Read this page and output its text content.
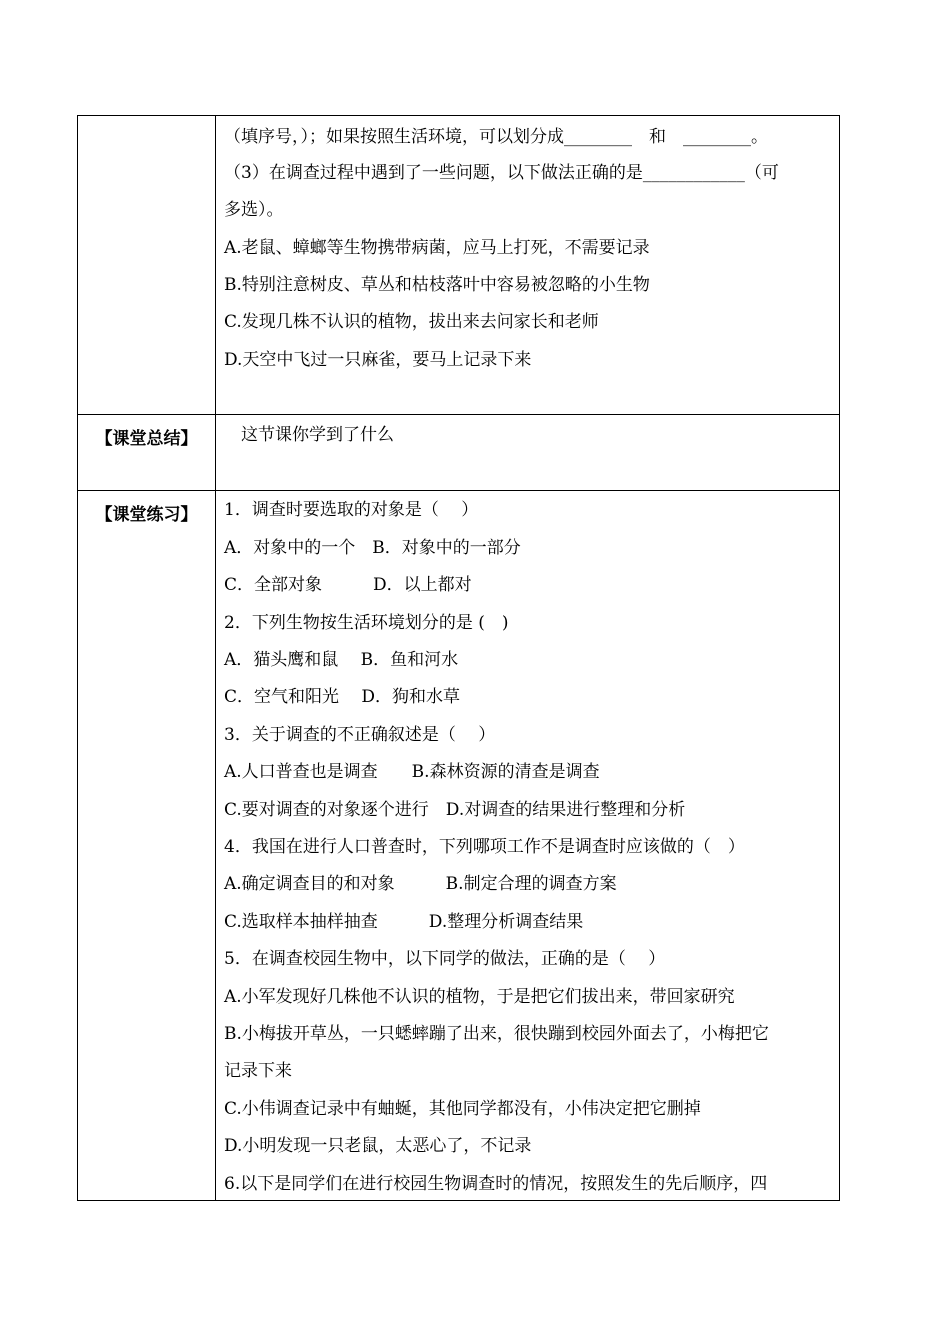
（填序号，）；如果按照生活环境，可以划分成________　和　________。
（3）在调查过程中遇到了一些问题，以下做法正确的是____________（可
多选）。
A.老鼠、蟑螂等生物携带病菌，应马上打死，不需要记录
B.特别注意树皮、草丛和枯枝落叶中容易被忽略的小生物
C.发现几株不认识的植物，拔出来去问家长和老师
D.天空中飞过一只麻雀，要马上记录下来
【课堂总结】	这节课你学到了什么
【课堂练习】	1．调查时要选取的对象是（　 ）
A．对象中的一个　B．对象中的一部分
C．全部对象　　　D．以上都对
2．下列生物按生活环境划分的是 (　)
A．猫头鹰和鼠　 B．鱼和河水
C．空气和阳光　 D．狗和水草
3．关于调查的不正确叙述是（　 ）
A.人口普查也是调查　　B.森林资源的清查是调查
C.要对调查的对象逐个进行　D.对调查的结果进行整理和分析
4．我国在进行人口普查时，下列哪项工作不是调查时应该做的（　）
A.确定调查目的和对象　　　B.制定合理的调查方案
C.选取样本抽样抽查　　　D.整理分析调查结果
5．在调查校园生物中，以下同学的做法，正确的是（　 ）
A.小军发现好几株他不认识的植物，于是把它们拔出来，带回家研究
B.小梅拔开草丛，一只蟋蟀蹦了出来，很快蹦到校园外面去了，小梅把它
记录下来
C.小伟调查记录中有蚰蜒，其他同学都没有，小伟决定把它删掉
D.小明发现一只老鼠，太恶心了，不记录
6.以下是同学们在进行校园生物调查时的情况，按照发生的先后顺序，四
